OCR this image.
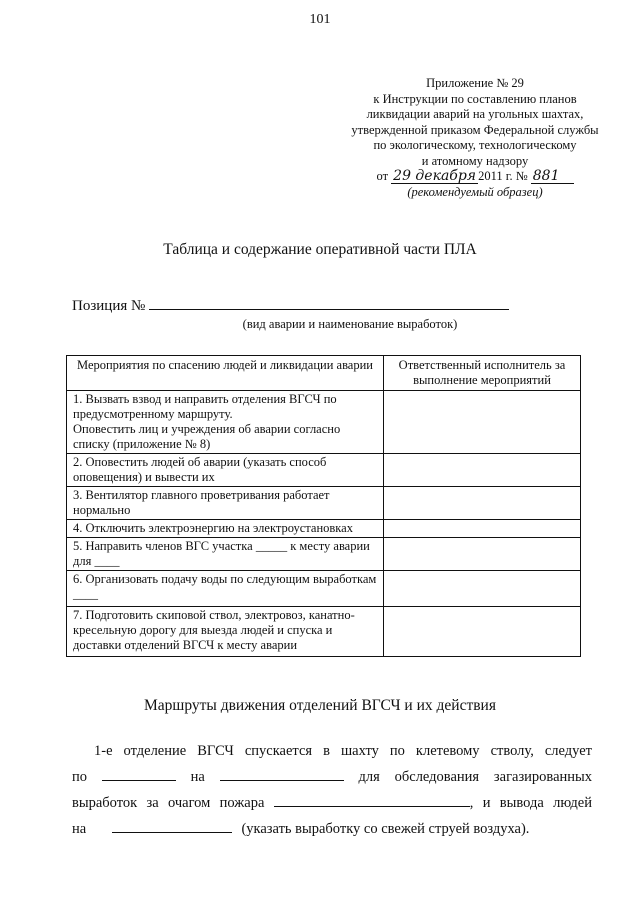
101
Приложение № 29
к Инструкции по составлению планов
ликвидации аварий на угольных шахтах,
утвержденной приказом Федеральной службы
по экологическому, технологическому
и атомному надзору
от 29 декабря 2011 г. № 881
(рекомендуемый образец)
Таблица и содержание оперативной части ПЛА
Позиция №
(вид аварии и наименование выработок)
Мероприятия по спасению людей и ликвидации аварии	Ответственный исполнитель за выполнение мероприятий
1. Вызвать взвод и направить отделения ВГСЧ по предусмотренному маршруту.
Оповестить лиц и учреждения об аварии согласно списку (приложение № 8)	
2. Оповестить людей об аварии (указать способ оповещения) и вывести их	
3. Вентилятор главного проветривания работает нормально	
4. Отключить электроэнергию на электроустановках	
5. Направить членов ВГС участка _____ к месту аварии для ____	
6. Организовать подачу воды по следующим выработкам ____	
7. Подготовить скиповой ствол, электровоз, канатно-кресельную дорогу для выезда людей и спуска и доставки отделений ВГСЧ к месту аварии	
Маршруты движения отделений ВГСЧ и их действия
1-е отделение ВГСЧ спускается в шахту по клетевому стволу, следует
по	на	для обследования загазированных
выработок за очагом пожара	, и вывода людей
на	(указать выработку со свежей струей воздуха).
